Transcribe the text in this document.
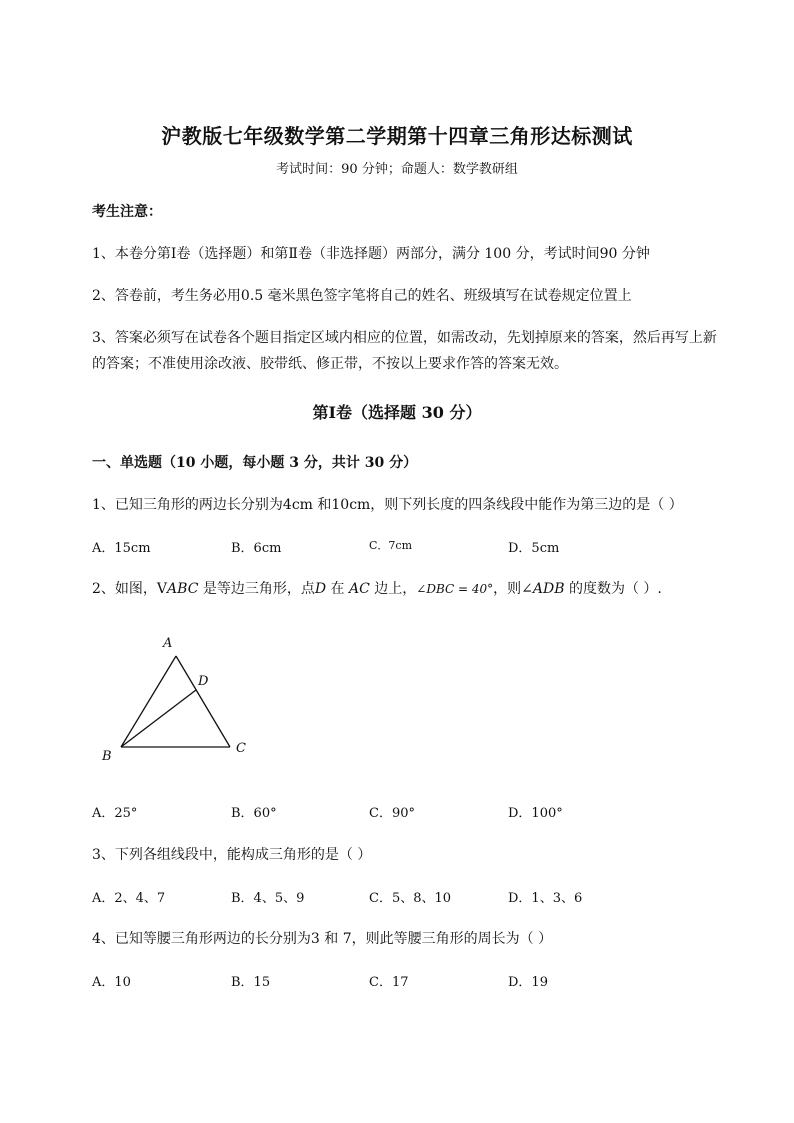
沪教版七年级数学第二学期第十四章三角形达标测试
考试时间：90 分钟；命题人：数学教研组
考生注意：
1、本卷分第Ⅰ卷（选择题）和第Ⅱ卷（非选择题）两部分，满分 100 分，考试时间90 分钟
2、答卷前，考生务必用0.5 毫米黑色签字笔将自己的姓名、班级填写在试卷规定位置上
3、答案必须写在试卷各个题目指定区域内相应的位置，如需改动，先划掉原来的答案，然后再写上新
的答案；不准使用涂改液、胶带纸、修正带，不按以上要求作答的答案无效。
第Ⅰ卷（选择题 30 分）
一、单选题（10 小题，每小题 3 分，共计 30 分）
1、已知三角形的两边长分别为4cm 和10cm，则下列长度的四条线段中能作为第三边的是（ ）
A．15cm	B．6cm	C．7cm	D．5cm
2、如图，VABC 是等边三角形，点D 在 AC 边上，∠DBC = 40°，则∠ADB 的度数为（ ）.
A
D
B
C
A．25°	B．60°	C．90°	D．100°
3、下列各组线段中，能构成三角形的是（ ）
A．2、4、7	B．4、5、9	C．5、8、10	D．1、3、6
4、已知等腰三角形两边的长分别为3 和 7，则此等腰三角形的周长为（ ）
A．10	B．15	C．17	D．19
